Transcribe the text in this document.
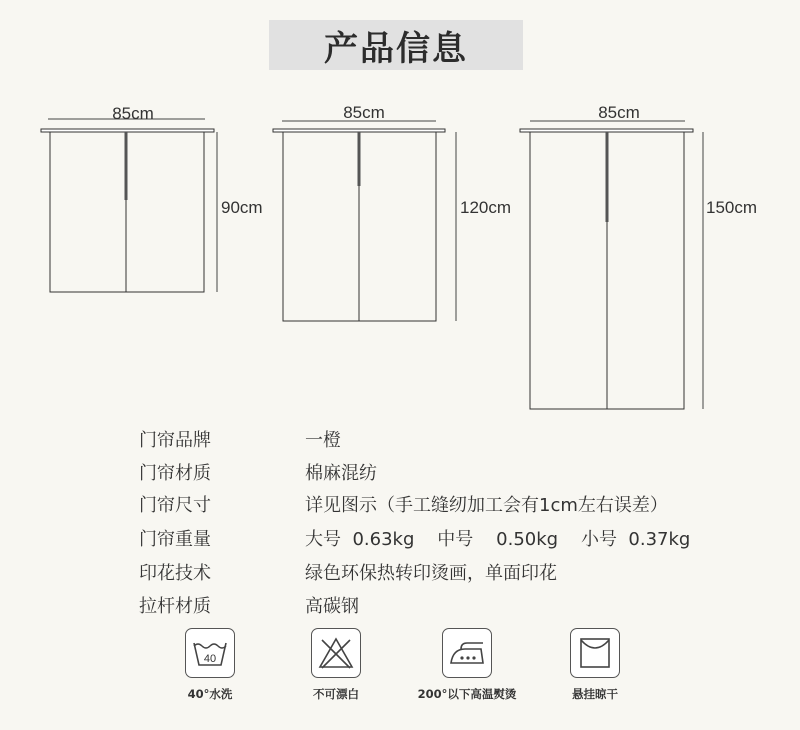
产品信息
85cm
90cm
85cm
120cm
85cm
150cm
门帘品牌	一橙
门帘材质	棉麻混纺
门帘尺寸	详见图示（手工缝纫加工会有1cm左右误差）
门帘重量	大号  0.63kg    中号    0.50kg    小号  0.37kg
印花技术	绿色环保热转印烫画，单面印花
拉杆材质	高碳钢
40
40°水洗	不可漂白	200°以下高温熨烫	悬挂晾干
